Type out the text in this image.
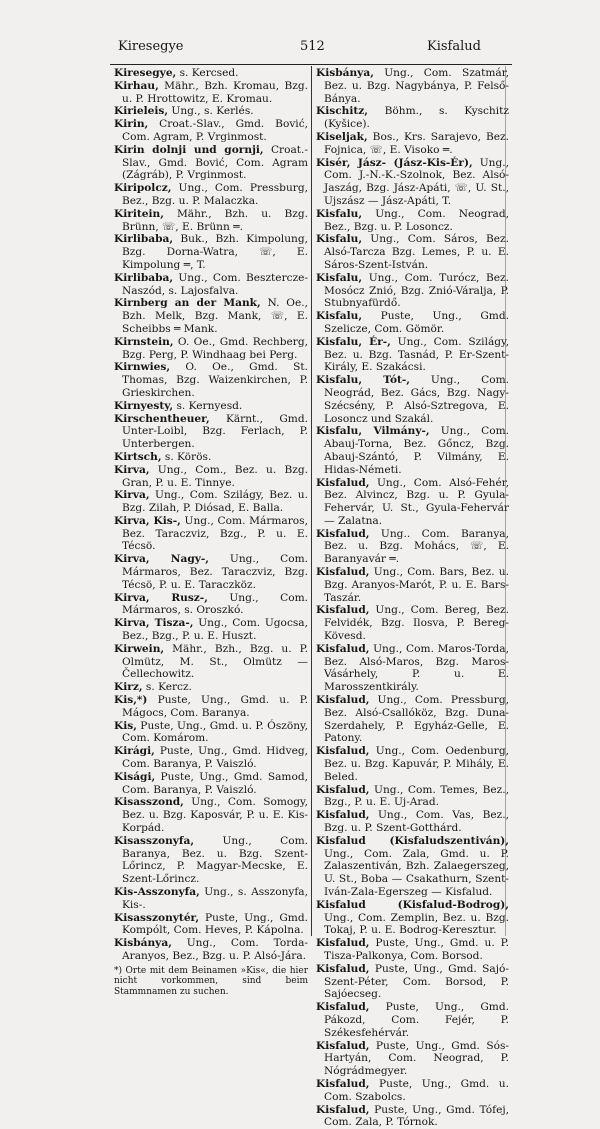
Kiresegye	512	Kisfalud

Kiresegye, s. Kercsed.

Kirhau, Mähr., Bzh. Kromau, Bzg. u. P. Hrottowitz, E. Kromau.

Kirieleis, Ung., s. Kerlés.

Kirin, Croat.-Slav., Gmd. Bović, Com. Agram, P. Vrginmost.

Kirin dolnji und gornji, Croat.-Slav., Gmd. Bović, Com. Agram (Zágráb), P. Vrginmost.

Kiripolcz, Ung., Com. Pressburg, Bez., Bzg. u. P. Malaczka.

Kiritein, Mähr., Bzh. u. Bzg. Brünn, ☏, E. Brünn ═.

Kirlibaba, Buk., Bzh. Kimpolung, Bzg. Dorna-Watra, ☏, E. Kimpolung ═, T.

Kirlibaba, Ung., Com. Besztercze-Naszód, s. Lajosfalva.

Kirnberg an der Mank, N. Oe., Bzh. Melk, Bzg. Mank, ☏, E. Scheibbs ═ Mank.

Kirnstein, O. Oe., Gmd. Rechberg, Bzg. Perg, P. Windhaag bei Perg.

Kirnwies, O. Oe., Gmd. St. Thomas, Bzg. Waizenkirchen, P. Grieskirchen.

Kirnyesty, s. Kernyesd.

Kirschentheuer, Kärnt., Gmd. Unter-Loibl, Bzg. Ferlach, P. Unterbergen.

Kirtsch, s. Körös.

Kirva, Ung., Com., Bez. u. Bzg. Gran, P. u. E. Tinnye.

Kirva, Ung., Com. Szilágy, Bez. u. Bzg. Zilah, P. Diósad, E. Balla.

Kirva, Kis-, Ung., Com. Mármaros, Bez. Taraczviz, Bzg., P. u. E. Técsö.

Kirva, Nagy-, Ung., Com. Mármaros, Bez. Taraczviz, Bzg. Técsö, P. u. E. Taraczköz.

Kirva, Rusz-, Ung., Com. Mármaros, s. Oroszkó.

Kirva, Tisza-, Ung., Com. Ugocsa, Bez., Bzg., P. u. E. Huszt.

Kirwein, Mähr., Bzh., Bzg. u. P. Olmütz, M. St., Olmütz — Čellechowitz.

Kirz, s. Kercz.

Kis,*) Puste, Ung., Gmd. u. P. Mágocs, Com. Baranya.

Kis, Puste, Ung., Gmd. u. P. Ószöny, Com. Komárom.

Kirági, Puste, Ung., Gmd. Hidveg, Com. Baranya, P. Vaiszló.

Kisági, Puste, Ung., Gmd. Samod, Com. Baranya, P. Vaiszló.

Kisasszond, Ung., Com. Somogy, Bez. u. Bzg. Kaposvár, P. u. E. Kis-Korpád.

Kisasszonyfa, Ung., Com. Baranya, Bez. u. Bzg. Szent-Lőrincz, P. Magyar-Mecske, E. Szent-Lőrincz.

Kis-Asszonyfa, Ung., s. Asszonyfa, Kis-.

Kisasszonytér, Puste, Ung., Gmd. Kompólt, Com. Heves, P. Kápolna.

Kisbánya, Ung., Com. Torda-Aranyos, Bez., Bzg. u. P. Alsó-Jára.

*) Orte mit dem Beinamen »Kis«, die hier nicht vorkommen, sind beim Stammnamen zu suchen.

Kisbánya, Ung., Com. Szatmár, Bez. u. Bzg. Nagybánya, P. Felső-Bánya.

Kischitz, Böhm., s. Kyschitz (Kyšice).

Kiseljak, Bos., Krs. Sarajevo, Bez. Fojnica, ☏, E. Visoko ═.

Kisér, Jász- (Jász-Kis-Ér), Ung., Com. J.-N.-K.-Szolnok, Bez. Alsó-Jaszág, Bzg. Jász-Apáti, ☏, U. St., Ujszász — Jász-Apáti, T.

Kisfalu, Ung., Com. Neograd, Bez., Bzg. u. P. Losoncz.

Kisfalu, Ung., Com. Sáros, Bez. Alsó-Tarcza Bzg. Lemes, P. u. E. Sáros-Szent-István.

Kisfalu, Ung., Com. Turócz, Bez. Mosócz Znió, Bzg. Znió-Váralja, P. Stubnyafürdő.

Kisfalu, Puste, Ung., Gmd. Szelicze, Com. Gömör.

Kisfalu, Ér-, Ung., Com. Szilágy, Bez. u. Bzg. Tasnád, P. Er-Szent-Király, E. Szakácsi.

Kisfalu, Tót-, Ung., Com. Neográd, Bez. Gács, Bzg. Nagy-Szécsény, P. Alsó-Sztregova, E. Losoncz und Szakál.

Kisfalu, Vilmány-, Ung., Com. Abauj-Torna, Bez. Gőncz, Bzg. Abauj-Szántó, P. Vilmány, E. Hidas-Németi.

Kisfalud, Ung., Com. Alsó-Fehér, Bez. Alvincz, Bzg. u. P. Gyula-Fehervár, U. St., Gyula-Fehervár — Zalatna.

Kisfalud, Ung.. Com. Baranya, Bez. u. Bzg. Mohács, ☏, E. Baranyavár ═.

Kisfalud, Ung., Com. Bars, Bez. u. Bzg. Aranyos-Marót, P. u. E. Bars-Taszár.

Kisfalud, Ung., Com. Bereg, Bez. Felvidék, Bzg. Ilosva, P. Bereg-Kövesd.

Kisfalud, Ung., Com. Maros-Torda, Bez. Alsó-Maros, Bzg. Maros-Vásárhely, P. u. E. Marosszentkirály.

Kisfalud, Ung., Com. Pressburg, Bez. Alsó-Csallóköz, Bzg. Duna-Szerdahely, P. Egyház-Gelle, E. Patony.

Kisfalud, Ung., Com. Oedenburg, Bez. u. Bzg. Kapuvár, P. Mihály, E. Beled.

Kisfalud, Ung., Com. Temes, Bez., Bzg., P. u. E. Uj-Arad.

Kisfalud, Ung., Com. Vas, Bez., Bzg. u. P. Szent-Gotthárd.

Kisfalud (Kisfaludszentiván), Ung., Com. Zala, Gmd. u. P. Zalaszentiván, Bzh. Zalaegerszeg, U. St., Boba — Csakathurn, Szent-Iván-Zala-Egerszeg — Kisfalud.

Kisfalud (Kisfalud-Bodrog), Ung., Com. Zemplin, Bez. u. Bzg. Tokaj, P. u. E. Bodrog-Keresztur.

Kisfalud, Puste, Ung., Gmd. u. P. Tisza-Palkonya, Com. Borsod.

Kisfalud, Puste, Ung., Gmd. Sajó-Szent-Péter, Com. Borsod, P. Sajóecseg.

Kisfalud, Puste, Ung., Gmd. Pákozd, Com. Fejér, P. Székesfehérvár.

Kisfalud, Puste, Ung., Gmd. Sós-Hartyán, Com. Neograd, P. Nógrádmegyer.

Kisfalud, Puste, Ung., Gmd. u. Com. Szabolcs.

Kisfalud, Puste, Ung., Gmd. Tófej, Com. Zala, P. Tórnok.
